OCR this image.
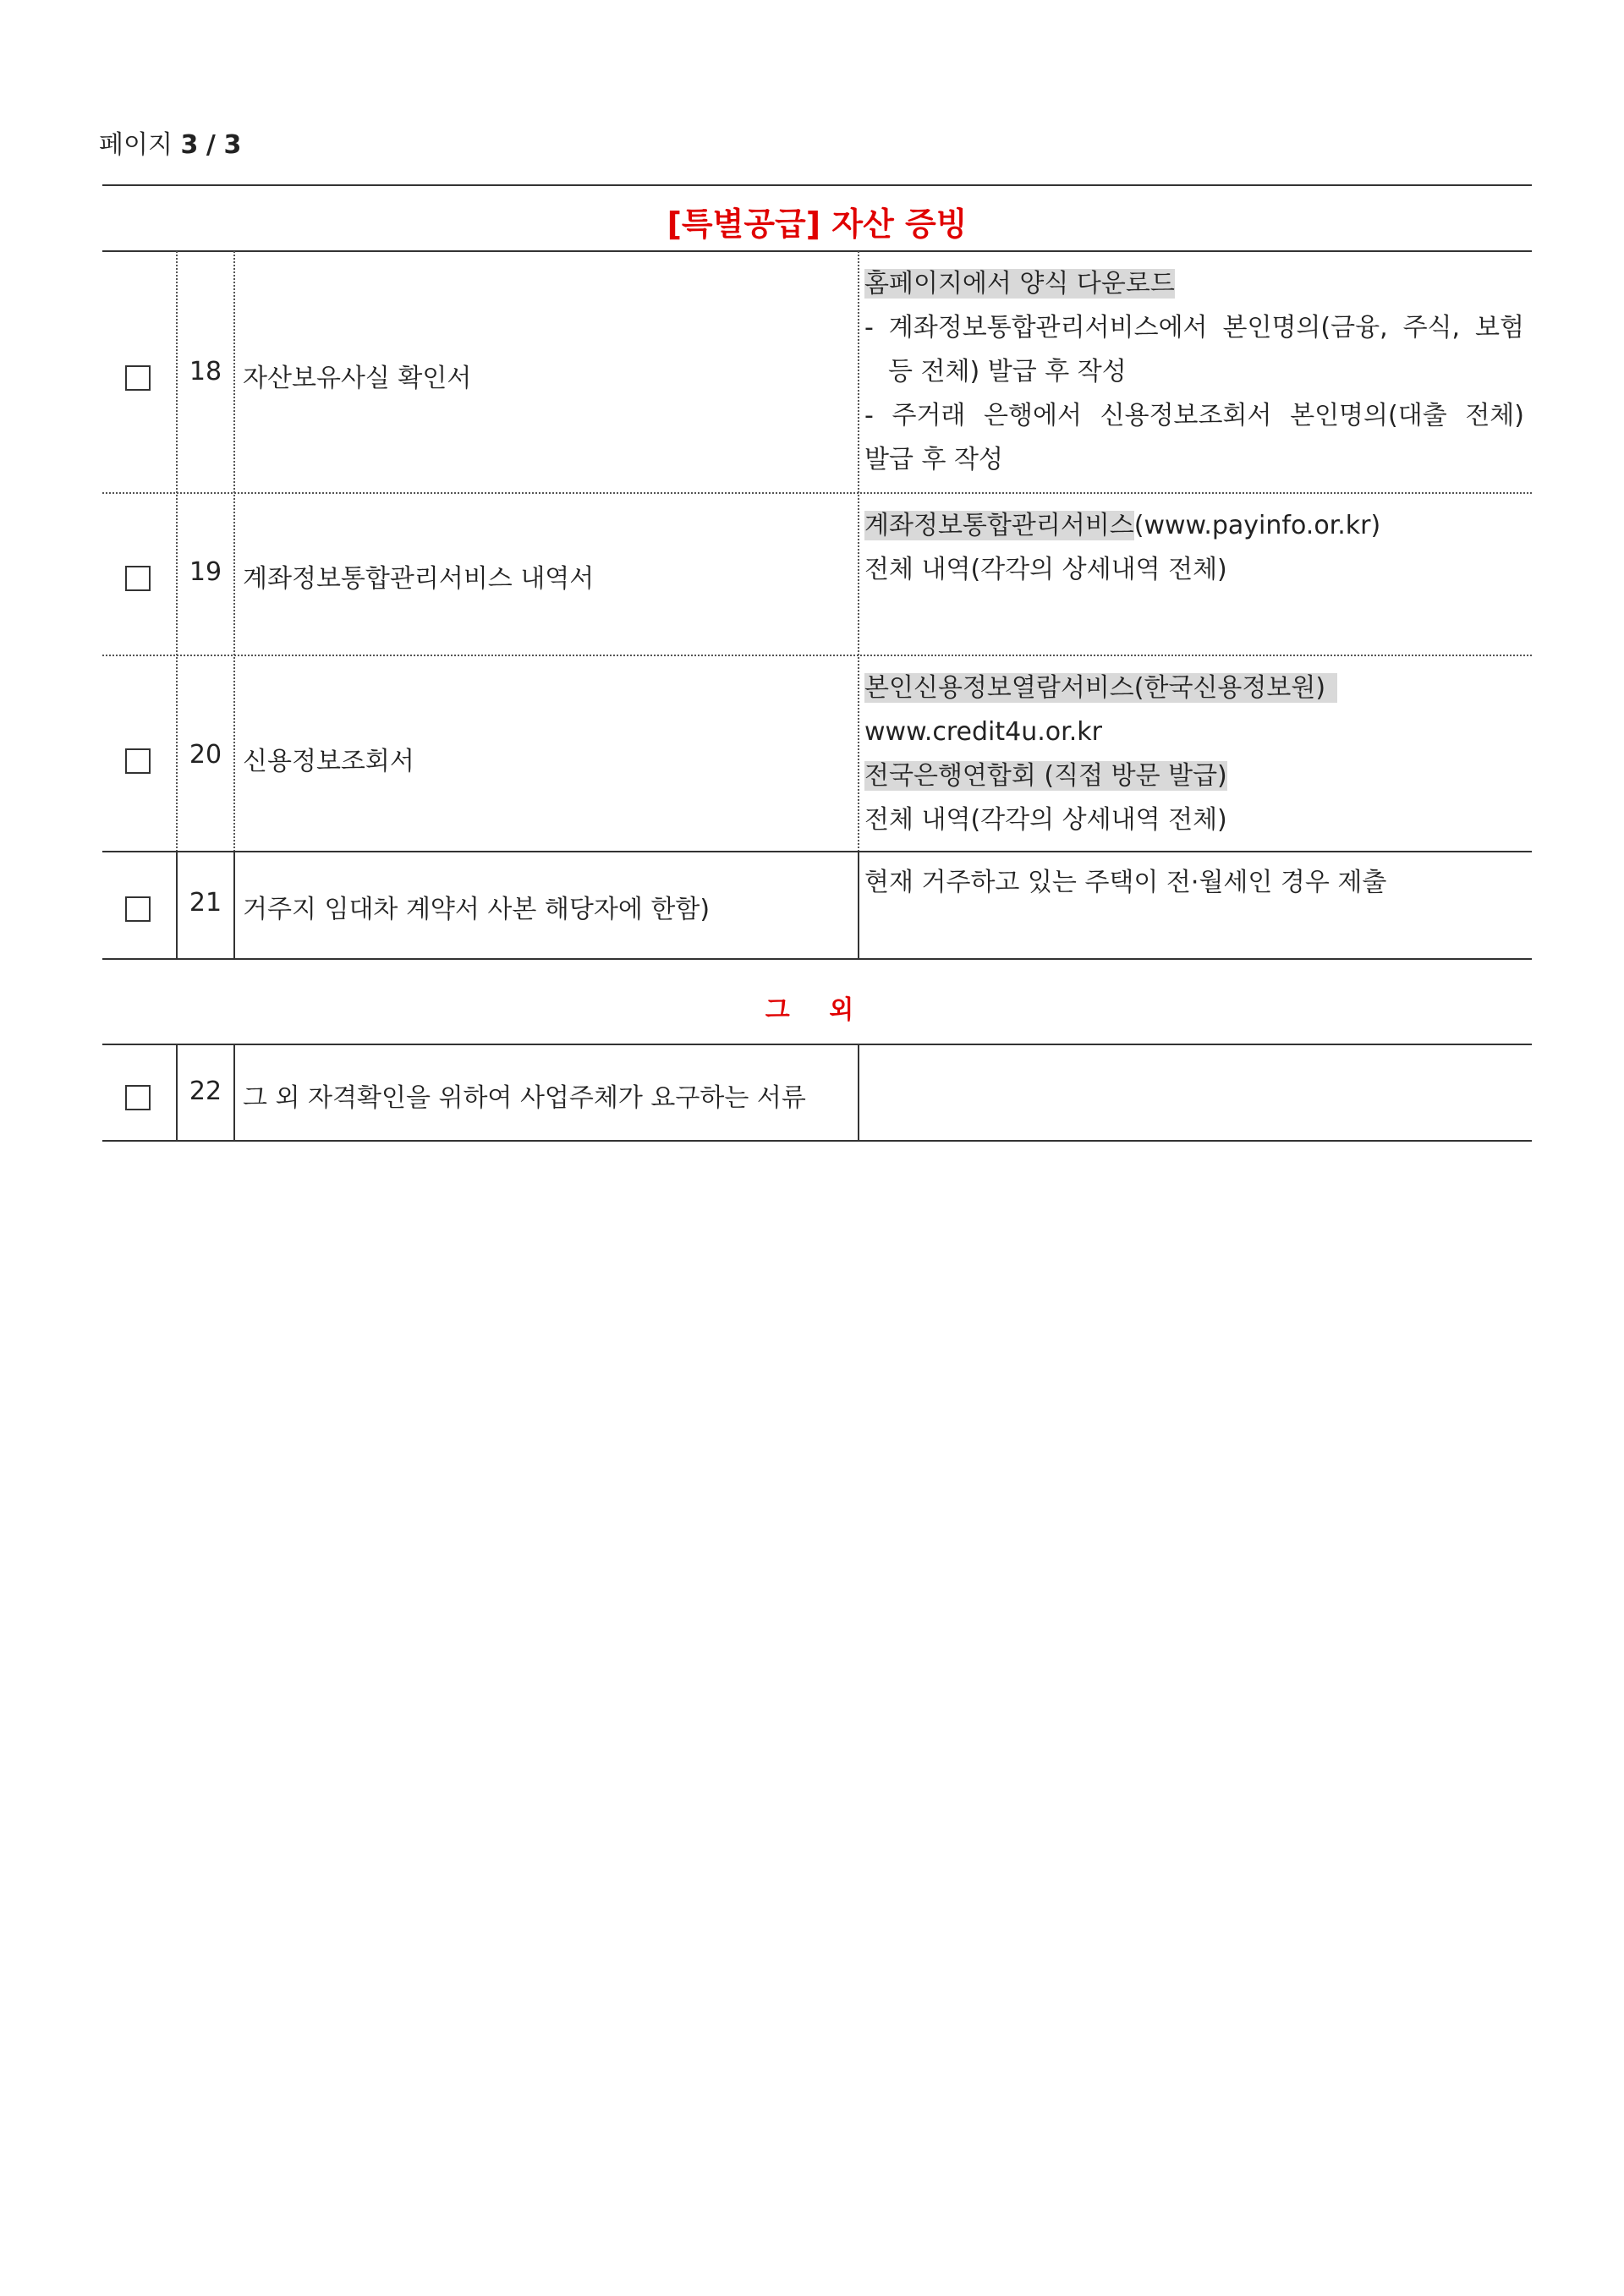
페이지 3 / 3
[특별공급] 자산 증빙
18 자산보유사실 확인서
홈페이지에서 양식 다운로드
- 계좌정보통합관리서비스에서 본인명의(금융, 주식, 보험
등 전체) 발급 후 작성
- 주거래 은행에서 신용정보조회서 본인명의(대출 전체)
발급 후 작성
19 계좌정보통합관리서비스 내역서
계좌정보통합관리서비스(www.payinfo.or.kr)
전체 내역(각각의 상세내역 전체)
20 신용정보조회서
본인신용정보열람서비스(한국신용정보원)
www.credit4u.or.kr
전국은행연합회 (직접 방문 발급)
전체 내역(각각의 상세내역 전체)
21 거주지 임대차 계약서 사본 해당자에 한함)
현재 거주하고 있는 주택이 전·월세인 경우 제출
그 외
22 그 외 자격확인을 위하여 사업주체가 요구하는 서류
